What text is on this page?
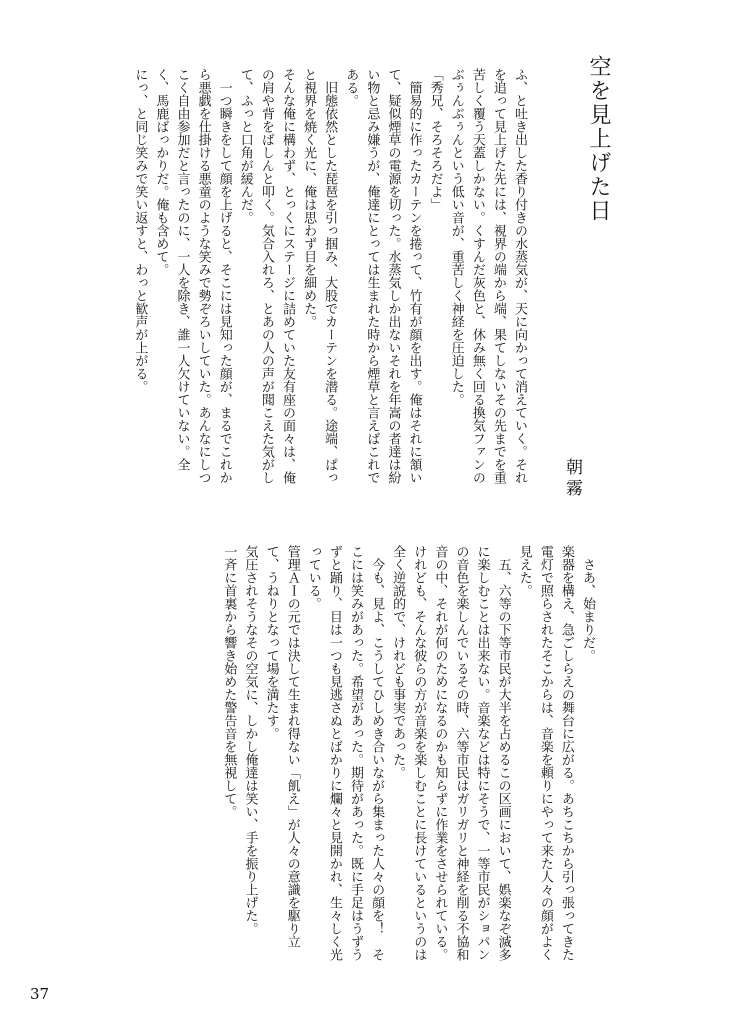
空を見上げた日
朝霧

ふ、と吐き出した香り付きの水蒸気が、天に向かって消えていく。それを追って見上げた先には、視界の端から端、果てしないその先までを重苦しく覆う天蓋しかない。くすんだ灰色と、休み無く回る換気ファンのぶぅんぶぅんという低い音が、重苦しく神経を圧迫した。

「秀兄、そろそろだよ」

簡易的に作ったカーテンを捲って、竹有が顔を出す。俺はそれに頷いて、疑似煙草の電源を切った。水蒸気しか出ないそれを年嵩の者達は紛い物と忌み嫌うが、俺達にとっては生まれた時から煙草と言えばこれである。

旧態依然とした琵琶を引っ掴み、大股でカーテンを潜る。途端、ぱっと視界を焼く光に、俺は思わず目を細めた。

そんな俺に構わず、とっくにステージに詰めていた友有座の面々は、俺の肩や背をばしんと叩く。気合入れろ、とあの人の声が聞こえた気がして、ふっと口角が緩んだ。

一つ瞬きをして顔を上げると、そこには見知った顔が、まるでこれから悪戯を仕掛ける悪童のような笑みで勢ぞろいしていた。あんなにしつこく自由参加だと言ったのに、一人を除き、誰一人欠けていない。全く、馬鹿ばっかりだ。俺も含めて。

にっ、と同じ笑みで笑い返すと、わっと歓声が上がる。

さあ、始まりだ。

楽器を構え、急ごしらえの舞台に広がる。あちこちから引っ張ってきた電灯で照らされたそこからは、音楽を頼りにやって来た人々の顔がよく見えた。

五、六等の下等市民が大半を占めるこの区画において、娯楽なぞ滅多に楽しむことは出来ない。音楽などは特にそうで、一等市民がショパンの音色を楽しんでいるその時、六等市民はガリガリと神経を削る不協和音の中、それが何のためになるのかも知らずに作業をさせられている。

けれども、そんな彼らの方が音楽を楽しむことに長けているというのは全く逆説的で、けれども事実であった。

今も、見よ、こうしてひしめき合いながら集まった人々の顔を！　そこには笑みがあった。希望があった。期待があった。既に手足はうずうずと踊り、目は一つも見逃さぬとばかりに爛々と見開かれ、生々しく光っている。

管理ＡＩの元では決して生まれ得ない「飢え」が人々の意識を駆り立て、うねりとなって場を満たす。

気圧されそうなその空気に、しかし俺達は笑い、手を振り上げた。

一斉に首裏から響き始めた警告音を無視して。

37
